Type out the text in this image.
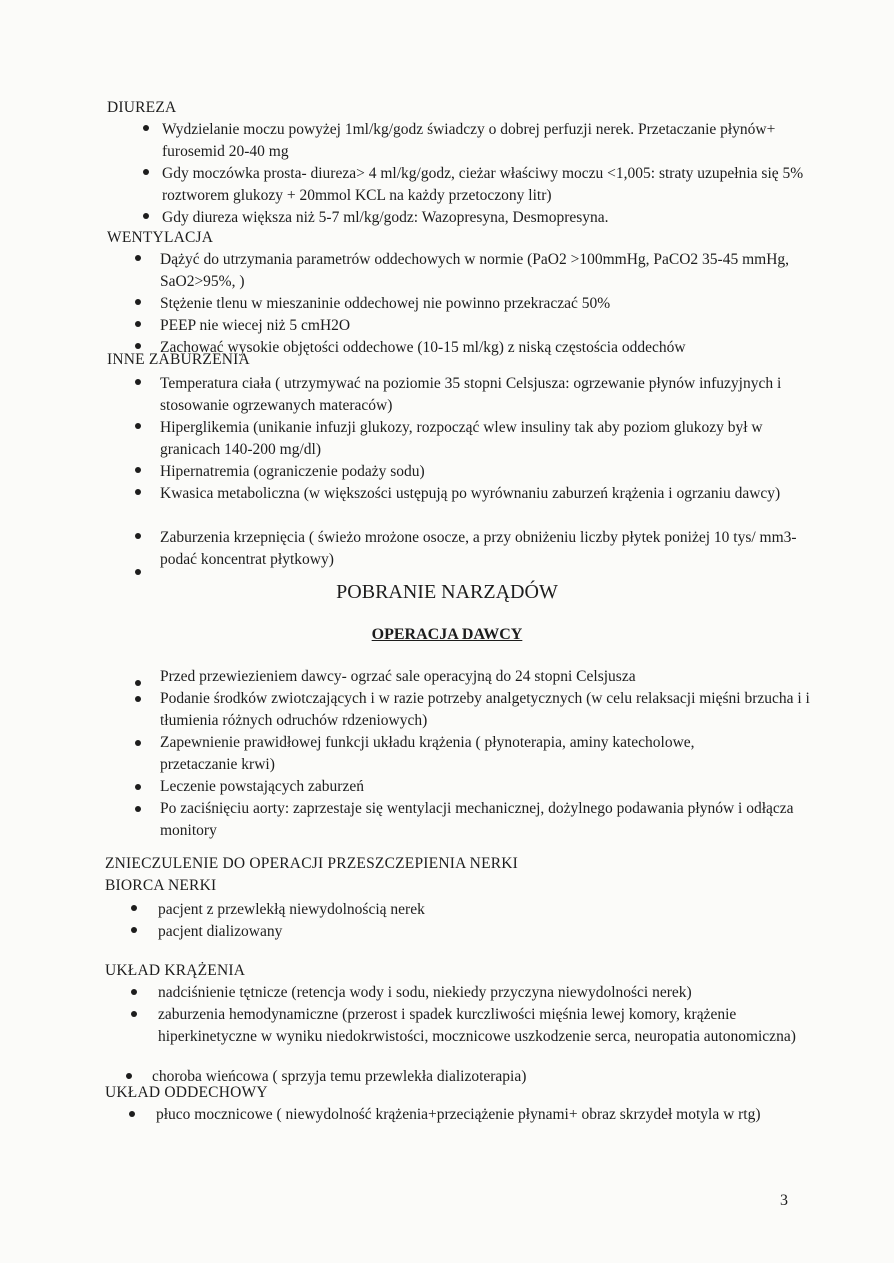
DIUREZA
Wydzielanie moczu powyżej 1ml/kg/godz świadczy o dobrej perfuzji nerek. Przetaczanie płynów+ furosemid 20-40 mg
Gdy moczówka prosta- diureza> 4 ml/kg/godz, cieżar właściwy moczu <1,005: straty uzupełnia się 5% roztworem glukozy + 20mmol KCL na każdy przetoczony litr)
Gdy diureza większa niż 5-7 ml/kg/godz: Wazopresyna, Desmopresyna.
WENTYLACJA
Dążyć do utrzymania parametrów oddechowych w normie (PaO2 >100mmHg, PaCO2 35-45 mmHg, SaO2>95%, )
Stężenie tlenu w mieszaninie oddechowej nie powinno przekraczać 50%
PEEP nie wiecej niż 5 cmH2O
Zachować wysokie objętości oddechowe (10-15 ml/kg) z niską częstościa oddechów
INNE ZABURZENIA
Temperatura ciała ( utrzymywać na poziomie 35 stopni Celsjusza: ogrzewanie płynów infuzyjnych i stosowanie ogrzewanych materaców)
Hiperglikemia (unikanie infuzji glukozy, rozpocząć wlew insuliny tak aby poziom glukozy był w granicach 140-200 mg/dl)
Hipernatremia (ograniczenie podaży sodu)
Kwasica metaboliczna (w większości ustępują po wyrównaniu zaburzeń krążenia i ogrzaniu dawcy)
Zaburzenia krzepnięcia ( świeżo mrożone osocze, a przy obniżeniu liczby płytek poniżej 10 tys/ mm3- podać koncentrat płytkowy)
POBRANIE NARZĄDÓW
OPERACJA DAWCY
Przed przewiezieniem dawcy- ogrzać sale operacyjną do 24 stopni Celsjusza
Podanie środków zwiotczających i w razie potrzeby analgetycznych (w celu relaksacji mięśni brzucha i i tłumienia różnych odruchów rdzeniowych)
Zapewnienie prawidłowej funkcji układu krążenia ( płynoterapia, aminy katecholowe, przetaczanie krwi)
Leczenie powstających zaburzeń
Po zaciśnięciu aorty: zaprzestaje się wentylacji mechanicznej, dożylnego podawania płynów i odłącza monitory
ZNIECZULENIE DO OPERACJI PRZESZCZEPIENIA NERKI
BIORCA NERKI
pacjent z przewlekłą niewydolnością nerek
pacjent dializowany
UKŁAD KRĄŻENIA
nadciśnienie tętnicze (retencja wody i sodu, niekiedy przyczyna niewydolności nerek)
zaburzenia hemodynamiczne (przerost i spadek kurczliwości mięśnia lewej komory, krążenie hiperkinetyczne w wyniku niedokrwistości, mocznicowe uszkodzenie serca, neuropatia autonomiczna)
choroba wieńcowa ( sprzyja temu przewlekła dializoterapia)
UKŁAD ODDECHOWY
płuco mocznicowe ( niewydolność krążenia+przeciążenie płynami+ obraz skrzydeł motyla w rtg)
3
